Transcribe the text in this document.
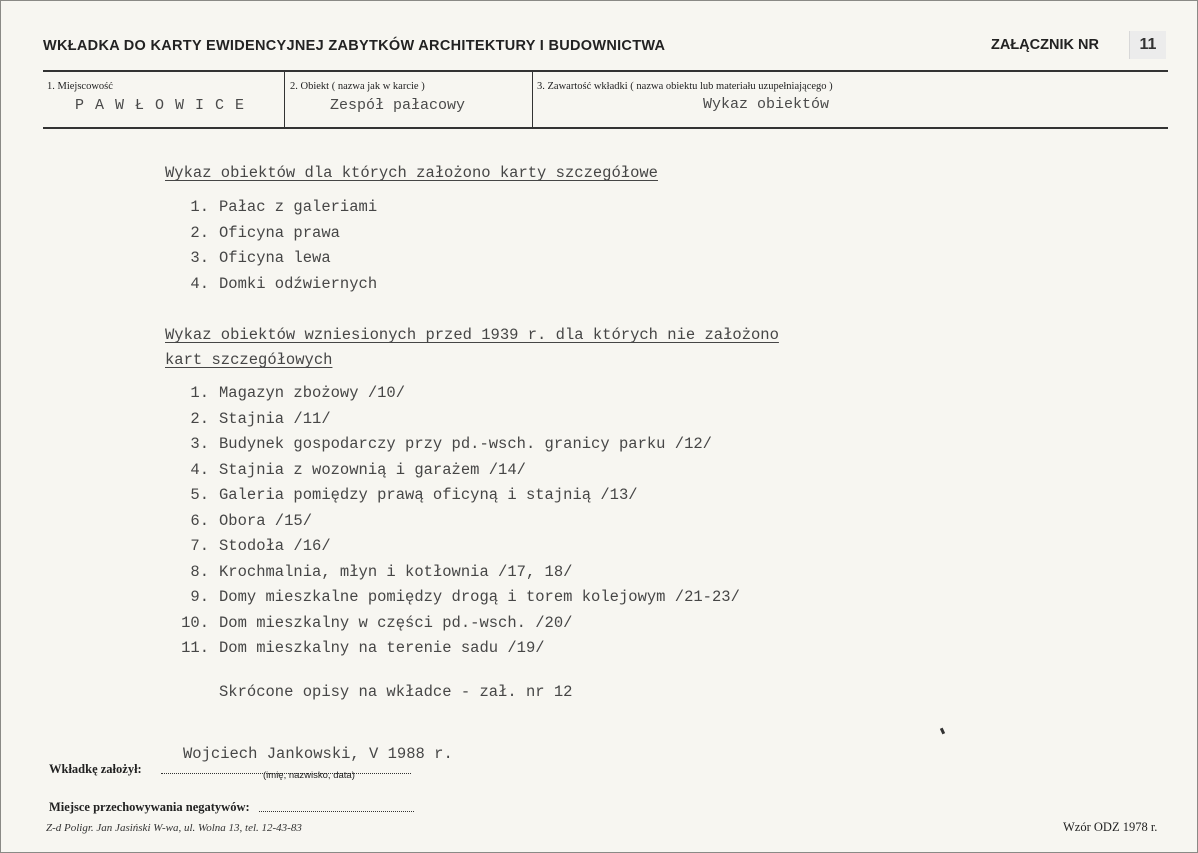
WKŁADKA DO KARTY EWIDENCYJNEJ ZABYTKÓW ARCHITEKTURY I BUDOWNICTWA	ZAŁĄCZNIK NR	11
1. Miejscowość
P A W Ł O W I C E
2. Obiekt ( nazwa jak w karcie )
Zespół pałacowy
3. Zawartość wkładki ( nazwa obiektu lub materiału uzupełniającego )
Wykaz obiektów
Wykaz obiektów dla których założono karty szczegółowe
1. Pałac z galeriami
2. Oficyna prawa
3. Oficyna lewa
4. Domki odźwiernych
Wykaz obiektów wzniesionych przed 1939 r. dla których nie założono
kart szczegółowych
1. Magazyn zbożowy /10/
2. Stajnia /11/
3. Budynek gospodarczy przy pd.-wsch. granicy parku /12/
4. Stajnia z wozownią i garażem /14/
5. Galeria pomiędzy prawą oficyną i stajnią /13/
6. Obora /15/
7. Stodoła /16/
8. Krochmalnia, młyn i kotłownia /17, 18/
9. Domy mieszkalne pomiędzy drogą i torem kolejowym /21-23/
10. Dom mieszkalny w części pd.-wsch. /20/
11. Dom mieszkalny na terenie sadu /19/
Skrócone opisy na wkładce - zał. nr 12
Wojciech Jankowski, V 1988 r.
Wkładkę założył:	(imię, nazwisko, data)
Miejsce przechowywania negatywów:
Z-d Poligr. Jan Jasiński W-wa, ul. Wolna 13, tel. 12-43-83	Wzór ODZ 1978 r.
